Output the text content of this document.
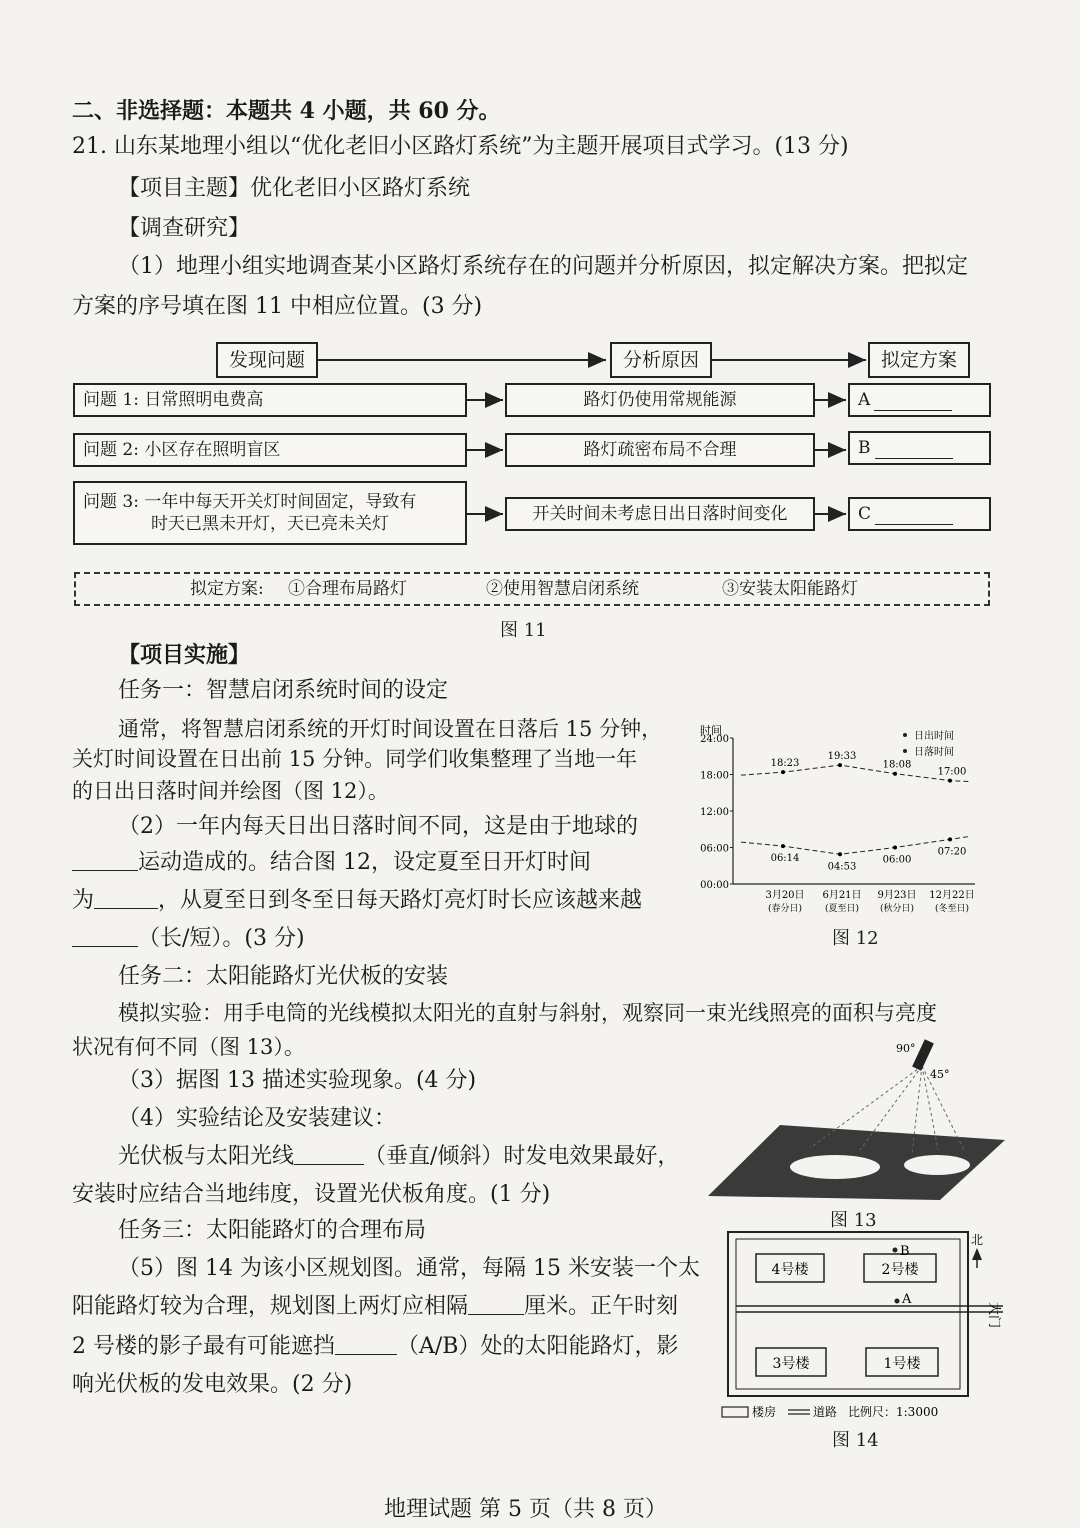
二、非选择题：本题共 4 小题，共 60 分。
21. 山东某地理小组以“优化老旧小区路灯系统”为主题开展项目式学习。(13 分)
【项目主题】优化老旧小区路灯系统
【调查研究】
（1）地理小组实地调查某小区路灯系统存在的问题并分析原因，拟定解决方案。把拟定
方案的序号填在图 11 中相应位置。(3 分)
发现问题	分析原因	拟定方案
问题 1: 日常照明电费高	路灯仍使用常规能源	A
问题 2: 小区存在照明盲区	路灯疏密布局不合理	B
问题 3: 一年中每天开关灯时间固定，导致有
时天已黑未开灯，天已亮未关灯	开关时间未考虑日出日落时间变化	C
拟定方案: ①合理布局路灯	②使用智慧启闭系统	③安装太阳能路灯
图 11
【项目实施】
任务一：智慧启闭系统时间的设定
通常，将智慧启闭系统的开灯时间设置在日落后 15 分钟，
关灯时间设置在日出前 15 分钟。同学们收集整理了当地一年
的日出日落时间并绘图（图 12）。
（2）一年内每天日出日落时间不同，这是由于地球的
运动造成的。结合图 12，设定夏至日开灯时间
为	，从夏至日到冬至日每天路灯亮灯时长应该越来越
（长/短）。(3 分)
时间
24:00
18:00
12:00
06:00
00:00
18:23
19:33
18:08
17:00
06:14
04:53
06:00
07:20
3月20日
(春分日)
6月21日
(夏至日)
9月23日
(秋分日)
12月22日
(冬至日)
日出时间
日落时间
图 12
任务二：太阳能路灯光伏板的安装
模拟实验：用手电筒的光线模拟太阳光的直射与斜射，观察同一束光线照亮的面积与亮度
状况有何不同（图 13）。
（3）据图 13 描述实验现象。(4 分)
（4）实验结论及安装建议：
光伏板与太阳光线	（垂直/倾斜）时发电效果最好，
安装时应结合当地纬度，设置光伏板角度。(1 分)
90°
45°
图 13
任务三：太阳能路灯的合理布局
（5）图 14 为该小区规划图。通常，每隔 15 米安装一个太
阳能路灯较为合理，规划图上两灯应相隔	厘米。正午时刻
2 号楼的影子最有可能遮挡	（A/B）处的太阳能路灯，影
响光伏板的发电效果。(2 分)
4号楼	2号楼
3号楼	1号楼
B
A
北
大门
楼房	道路 比例尺：1:3000
图 14
地理试题 第 5 页（共 8 页）
